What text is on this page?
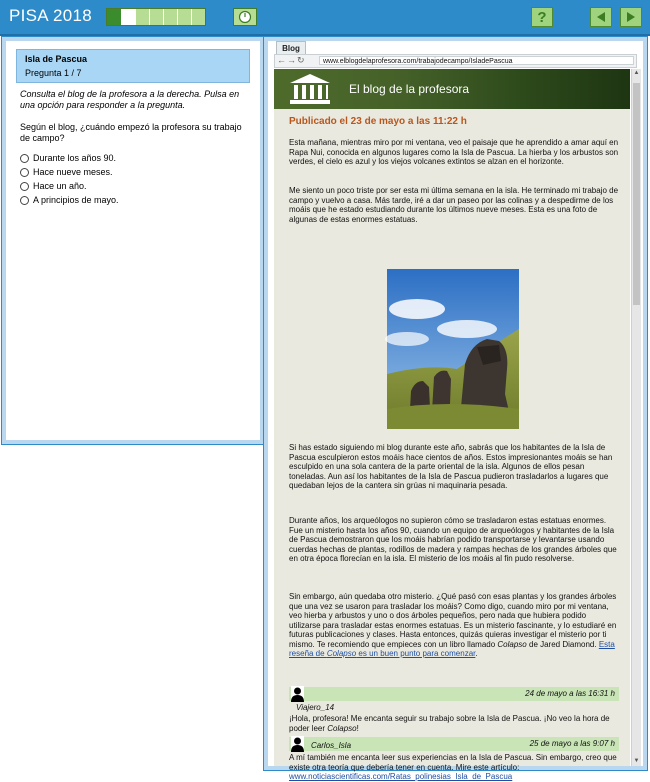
PISA 2018	?
Isla de Pascua
Pregunta 1 / 7
Consulta el blog de la profesora a la derecha. Pulsa en una opción para responder a la pregunta.
Según el blog, ¿cuándo empezó la profesora su trabajo de campo?
Durante los años 90.
Hace nueve meses.
Hace un año.
A principios de mayo.
Blog
←→↻	www.elblogdelaprofesora.com/trabajodecampo/IsladePascua
El blog de la profesora
Publicado el 23 de mayo a las 11:22 h

Esta mañana, mientras miro por mi ventana, veo el paisaje que he aprendido a amar aquí en Rapa Nui, conocida en algunos lugares como la Isla de Pascua. La hierba y los arbustos son verdes, el cielo es azul y los viejos volcanes extintos se alzan en el horizonte.

Me siento un poco triste por ser esta mi última semana en la isla. He terminado mi trabajo de campo y vuelvo a casa. Más tarde, iré a dar un paseo por las colinas y a despedirme de los moáis que he estado estudiando durante los últimos nueve meses. Esta es una foto de algunas de estas enormes estatuas.

Si has estado siguiendo mi blog durante este año, sabrás que los habitantes de la Isla de Pascua esculpieron estos moáis hace cientos de años. Estos impresionantes moáis se han esculpido en una sola cantera de la parte oriental de la isla. Algunos de ellos pesan toneladas. Aun así los habitantes de la Isla de Pascua pudieron trasladarlos a lugares que quedaban lejos de la cantera sin grúas ni maquinaria pesada.

Durante años, los arqueólogos no supieron cómo se trasladaron estas estatuas enormes. Fue un misterio hasta los años 90, cuando un equipo de arqueólogos y habitantes de la Isla de Pascua demostraron que los moáis habrían podido transportarse y levantarse usando cuerdas hechas de plantas, rodillos de madera y rampas hechas de los grandes árboles que en otra época florecían en la isla. El misterio de los moáis al fin pudo resolverse.

Sin embargo, aún quedaba otro misterio. ¿Qué pasó con esas plantas y los grandes árboles que una vez se usaron para trasladar los moáis? Como digo, cuando miro por mi ventana, veo hierba y arbustos y uno o dos árboles pequeños, pero nada que hubiera podido utilizarse para trasladar estas enormes estatuas. Es un misterio fascinante, y lo estudiaré en futuras publicaciones y clases. Hasta entonces, quizás quieras investigar el misterio por ti mismo. Te recomiendo que empieces con un libro llamado Colapso de Jared Diamond. Esta reseña de Colapso es un buen punto para comenzar.

24 de mayo a las 16:31 h
Viajero_14

¡Hola, profesora! Me encanta seguir su trabajo sobre la Isla de Pascua. ¡No veo la hora de poder leer Colapso!

25 de mayo a las 9:07 h
Carlos_Isla

A mí también me encanta leer sus experiencias en la Isla de Pascua. Sin embargo, creo que existe otra teoría que debería tener en cuenta. Mire este artículo: www.noticiascientificas.com/Ratas_polinesias_Isla_de_Pascua

▲
▼
